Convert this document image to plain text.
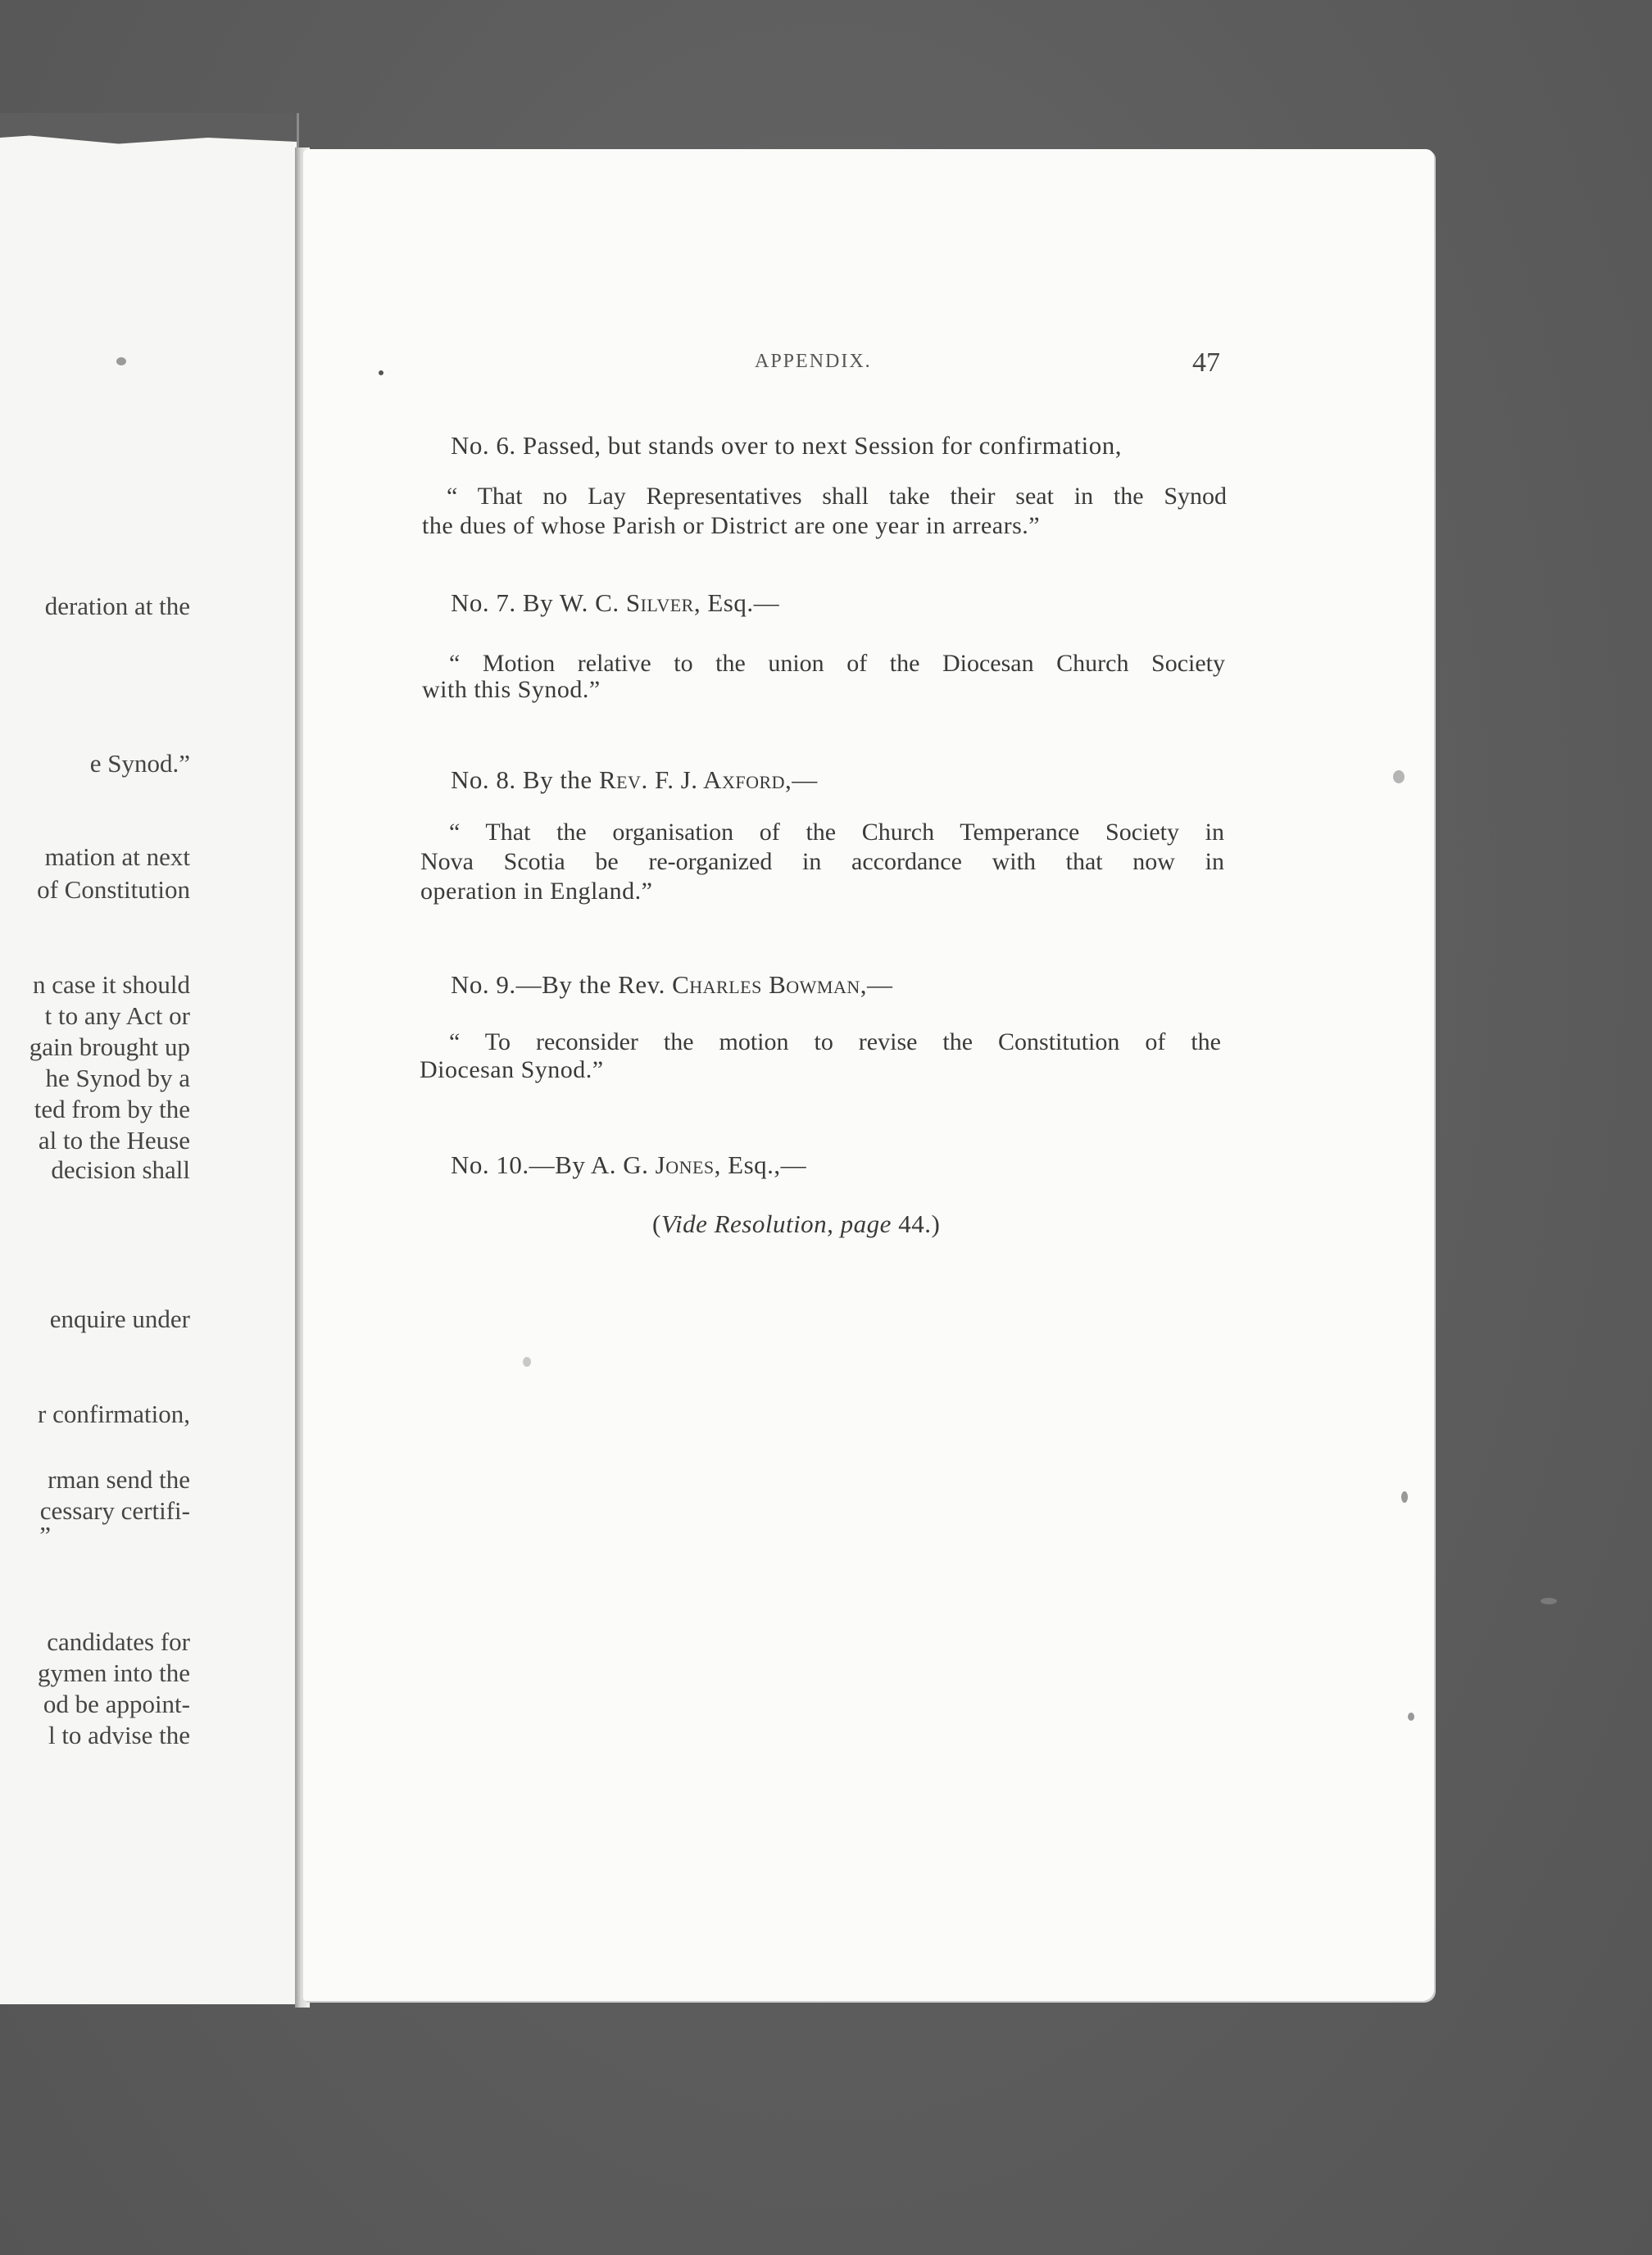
deration at the
e Synod.”
mation at next
of Constitution
n case it should
t to any Act or
gain brought up
he Synod by a
ted from by the
al to the Heuse
decision shall
enquire under
r confirmation,
rman send the
cessary certifi-
”
candidates for
gymen into the
od be appoint-
l to advise the
APPENDIX.	47
No. 6. Passed, but stands over to next Session for confirmation,
“ That no Lay Representatives shall take their seat in the Synod
the dues of whose Parish or District are one year in arrears.”
No. 7. By W. C. Silver, Esq.—
“ Motion relative to the union of the Diocesan Church Society
with this Synod.”
No. 8. By the Rev. F. J. Axford,—
“ That the organisation of the Church Temperance Society in
Nova Scotia be re-organized in accordance with that now in
operation in England.”
No. 9.—By the Rev. Charles Bowman,—
“ To reconsider the motion to revise the Constitution of the
Diocesan Synod.”
No. 10.—By A. G. Jones, Esq.,—
(Vide Resolution, page 44.)
